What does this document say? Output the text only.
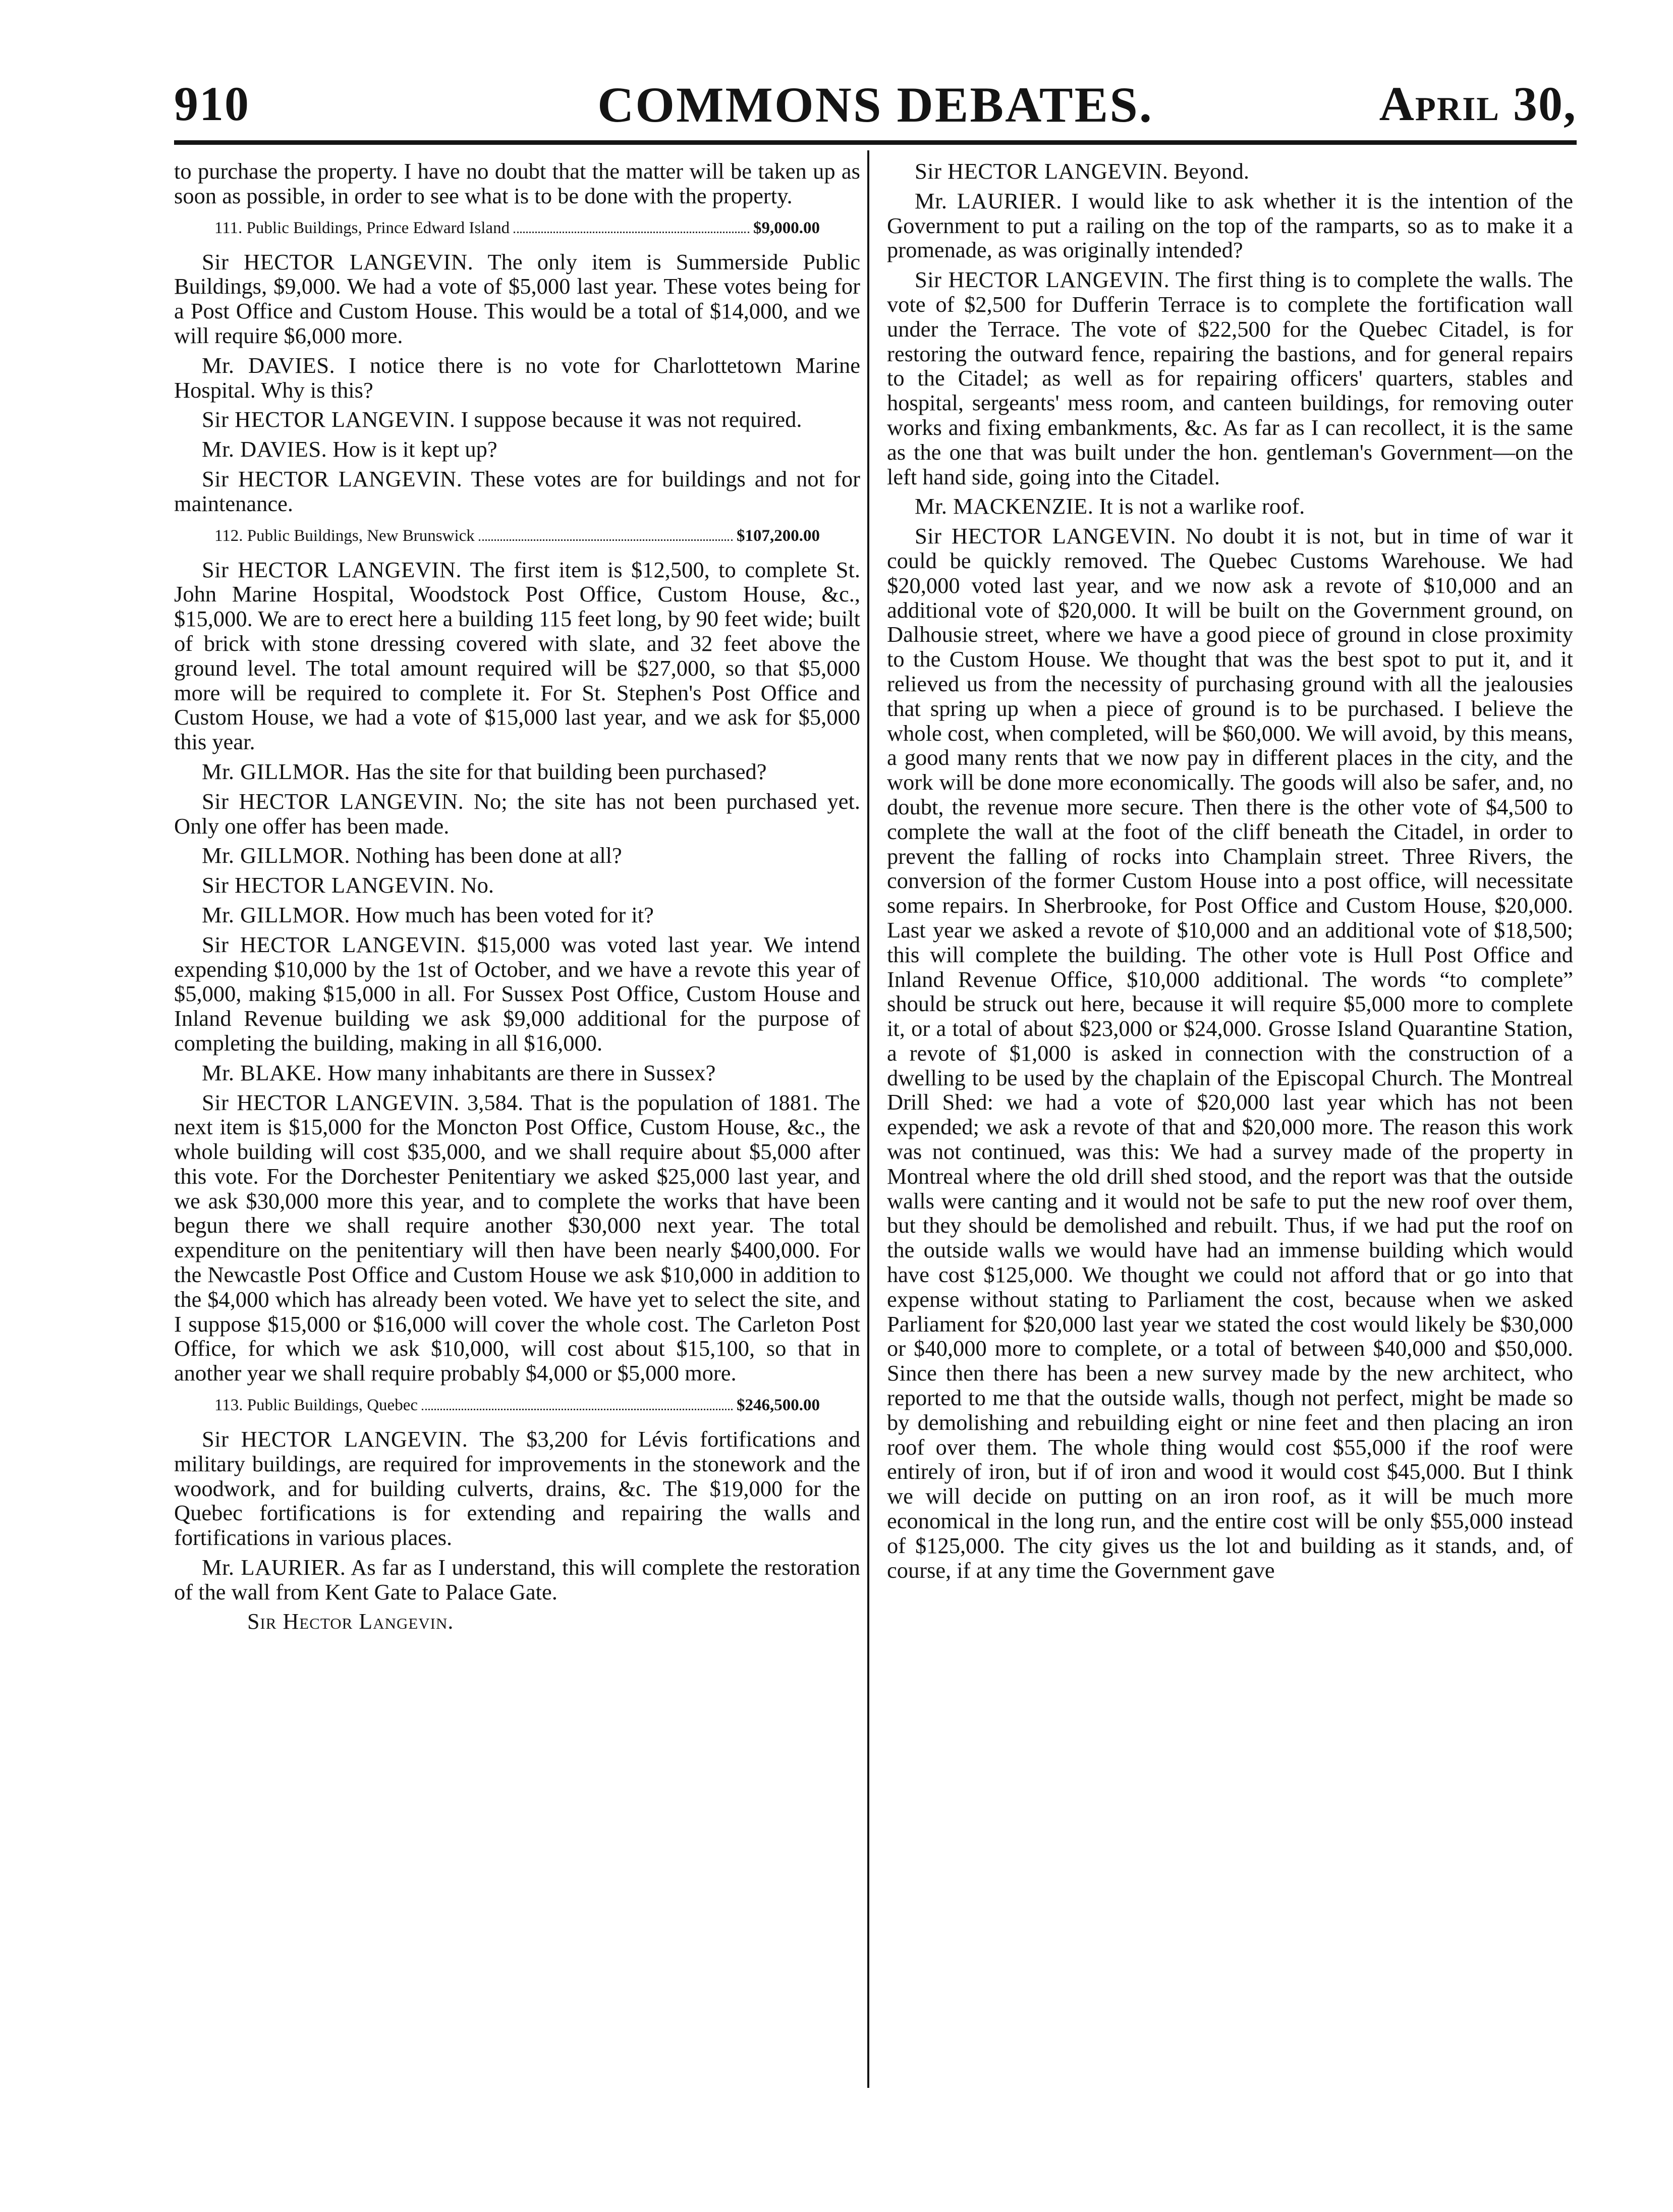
910	COMMONS DEBATES.	April 30,

to purchase the property. I have no doubt that the matter will be taken up as soon as possible, in order to see what is to be done with the property.

111. Public Buildings, Prince Edward Island	$9,000.00

Sir HECTOR LANGEVIN. The only item is Summerside Public Buildings, $9,000. We had a vote of $5,000 last year. These votes being for a Post Office and Custom House. This would be a total of $14,000, and we will require $6,000 more.

Mr. DAVIES. I notice there is no vote for Charlottetown Marine Hospital. Why is this?

Sir HECTOR LANGEVIN. I suppose because it was not required.

Mr. DAVIES. How is it kept up?

Sir HECTOR LANGEVIN. These votes are for buildings and not for maintenance.

112. Public Buildings, New Brunswick	$107,200.00

Sir HECTOR LANGEVIN. The first item is $12,500, to complete St. John Marine Hospital, Woodstock Post Office, Custom House, &c., $15,000. We are to erect here a building 115 feet long, by 90 feet wide; built of brick with stone dressing covered with slate, and 32 feet above the ground level. The total amount required will be $27,000, so that $5,000 more will be required to complete it. For St. Stephen's Post Office and Custom House, we had a vote of $15,000 last year, and we ask for $5,000 this year.

Mr. GILLMOR. Has the site for that building been purchased?

Sir HECTOR LANGEVIN. No; the site has not been purchased yet. Only one offer has been made.

Mr. GILLMOR. Nothing has been done at all?

Sir HECTOR LANGEVIN. No.

Mr. GILLMOR. How much has been voted for it?

Sir HECTOR LANGEVIN. $15,000 was voted last year. We intend expending $10,000 by the 1st of October, and we have a revote this year of $5,000, making $15,000 in all. For Sussex Post Office, Custom House and Inland Revenue building we ask $9,000 additional for the purpose of completing the building, making in all $16,000.

Mr. BLAKE. How many inhabitants are there in Sussex?

Sir HECTOR LANGEVIN. 3,584. That is the population of 1881. The next item is $15,000 for the Moncton Post Office, Custom House, &c., the whole building will cost $35,000, and we shall require about $5,000 after this vote. For the Dorchester Penitentiary we asked $25,000 last year, and we ask $30,000 more this year, and to complete the works that have been begun there we shall require another $30,000 next year. The total expenditure on the penitentiary will then have been nearly $400,000. For the Newcastle Post Office and Custom House we ask $10,000 in addition to the $4,000 which has already been voted. We have yet to select the site, and I suppose $15,000 or $16,000 will cover the whole cost. The Carleton Post Office, for which we ask $10,000, will cost about $15,100, so that in another year we shall require probably $4,000 or $5,000 more.

113. Public Buildings, Quebec	$246,500.00

Sir HECTOR LANGEVIN. The $3,200 for Lévis fortifications and military buildings, are required for improvements in the stonework and the woodwork, and for building culverts, drains, &c. The $19,000 for the Quebec fortifications is for extending and repairing the walls and fortifications in various places.

Mr. LAURIER. As far as I understand, this will complete the restoration of the wall from Kent Gate to Palace Gate.

Sir Hector Langevin.

Sir HECTOR LANGEVIN. Beyond.

Mr. LAURIER. I would like to ask whether it is the intention of the Government to put a railing on the top of the ramparts, so as to make it a promenade, as was originally intended?

Sir HECTOR LANGEVIN. The first thing is to complete the walls. The vote of $2,500 for Dufferin Terrace is to complete the fortification wall under the Terrace. The vote of $22,500 for the Quebec Citadel, is for restoring the outward fence, repairing the bastions, and for general repairs to the Citadel; as well as for repairing officers' quarters, stables and hospital, sergeants' mess room, and canteen buildings, for removing outer works and fixing embankments, &c. As far as I can recollect, it is the same as the one that was built under the hon. gentleman's Government—on the left hand side, going into the Citadel.

Mr. MACKENZIE. It is not a warlike roof.

Sir HECTOR LANGEVIN. No doubt it is not, but in time of war it could be quickly removed. The Quebec Customs Warehouse. We had $20,000 voted last year, and we now ask a revote of $10,000 and an additional vote of $20,000. It will be built on the Government ground, on Dalhousie street, where we have a good piece of ground in close proximity to the Custom House. We thought that was the best spot to put it, and it relieved us from the necessity of purchasing ground with all the jealousies that spring up when a piece of ground is to be purchased. I believe the whole cost, when completed, will be $60,000. We will avoid, by this means, a good many rents that we now pay in different places in the city, and the work will be done more economically. The goods will also be safer, and, no doubt, the revenue more secure. Then there is the other vote of $4,500 to complete the wall at the foot of the cliff beneath the Citadel, in order to prevent the falling of rocks into Champlain street. Three Rivers, the conversion of the former Custom House into a post office, will necessitate some repairs. In Sherbrooke, for Post Office and Custom House, $20,000. Last year we asked a revote of $10,000 and an additional vote of $18,500; this will complete the building. The other vote is Hull Post Office and Inland Revenue Office, $10,000 additional. The words “to complete” should be struck out here, because it will require $5,000 more to complete it, or a total of about $23,000 or $24,000. Grosse Island Quarantine Station, a revote of $1,000 is asked in connection with the construction of a dwelling to be used by the chaplain of the Episcopal Church. The Montreal Drill Shed: we had a vote of $20,000 last year which has not been expended; we ask a revote of that and $20,000 more. The reason this work was not continued, was this: We had a survey made of the property in Montreal where the old drill shed stood, and the report was that the outside walls were canting and it would not be safe to put the new roof over them, but they should be demolished and rebuilt. Thus, if we had put the roof on the outside walls we would have had an immense building which would have cost $125,000. We thought we could not afford that or go into that expense without stating to Parliament the cost, because when we asked Parliament for $20,000 last year we stated the cost would likely be $30,000 or $40,000 more to complete, or a total of between $40,000 and $50,000. Since then there has been a new survey made by the new architect, who reported to me that the outside walls, though not perfect, might be made so by demolishing and rebuilding eight or nine feet and then placing an iron roof over them. The whole thing would cost $55,000 if the roof were entirely of iron, but if of iron and wood it would cost $45,000. But I think we will decide on putting on an iron roof, as it will be much more economical in the long run, and the entire cost will be only $55,000 instead of $125,000. The city gives us the lot and building as it stands, and, of course, if at any time the Government gave
